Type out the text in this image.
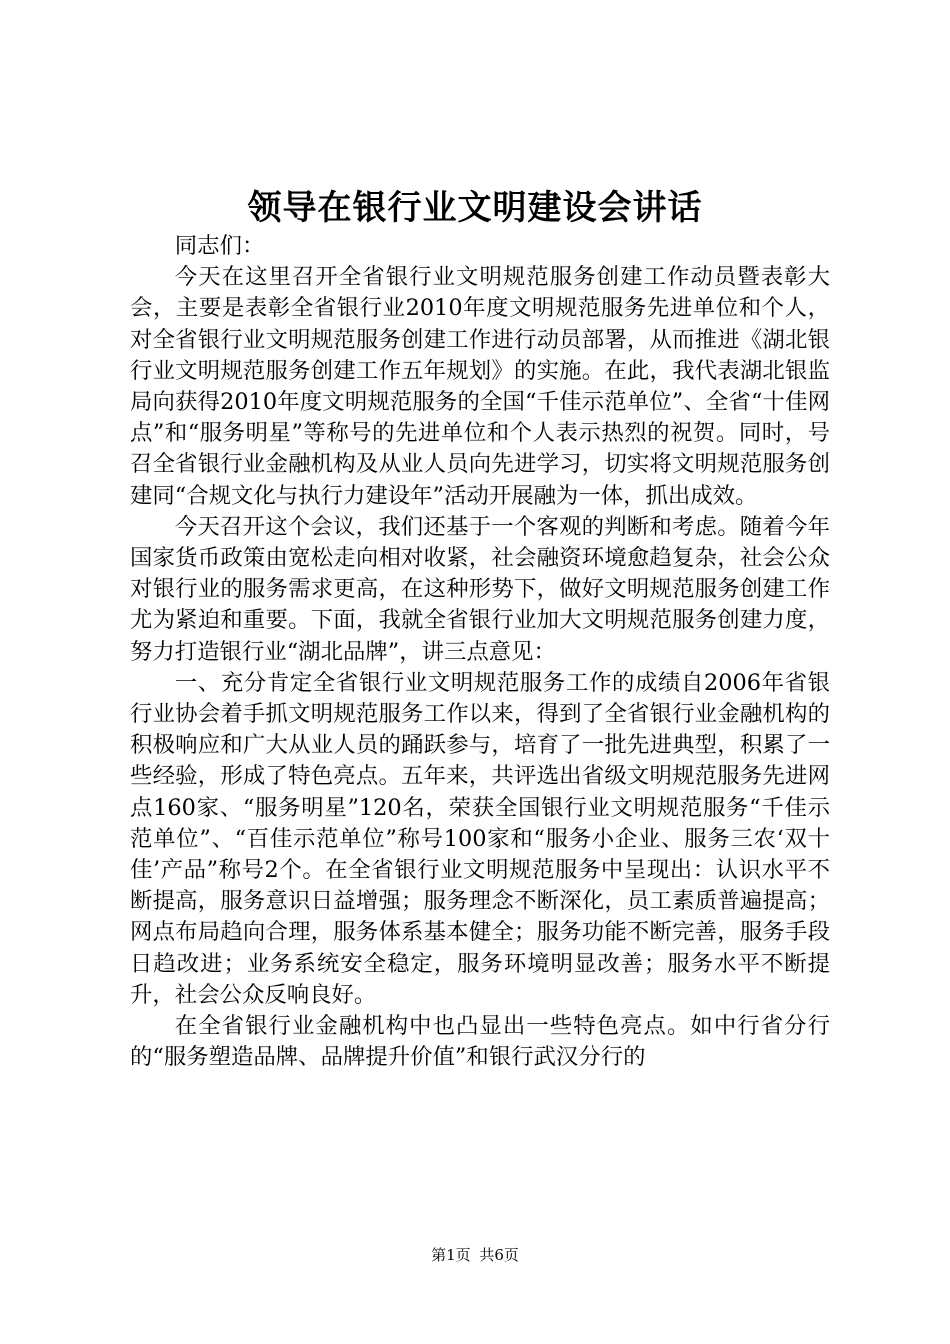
领导在银行业文明建设会讲话

同志们：

今天在这里召开全省银行业文明规范服务创建工作动员暨表彰大会，主要是表彰全省银行业2010年度文明规范服务先进单位和个人，对全省银行业文明规范服务创建工作进行动员部署，从而推进《湖北银行业文明规范服务创建工作五年规划》的实施。在此，我代表湖北银监局向获得2010年度文明规范服务的全国“千佳示范单位”、全省“十佳网点”和“服务明星”等称号的先进单位和个人表示热烈的祝贺。同时，号召全省银行业金融机构及从业人员向先进学习，切实将文明规范服务创建同“合规文化与执行力建设年”活动开展融为一体，抓出成效。

今天召开这个会议，我们还基于一个客观的判断和考虑。随着今年国家货币政策由宽松走向相对收紧，社会融资环境愈趋复杂，社会公众对银行业的服务需求更高，在这种形势下，做好文明规范服务创建工作尤为紧迫和重要。下面，我就全省银行业加大文明规范服务创建力度，努力打造银行业“湖北品牌”，讲三点意见：

一、充分肯定全省银行业文明规范服务工作的成绩自2006年省银行业协会着手抓文明规范服务工作以来，得到了全省银行业金融机构的积极响应和广大从业人员的踊跃参与，培育了一批先进典型，积累了一些经验，形成了特色亮点。五年来，共评选出省级文明规范服务先进网点160家、“服务明星”120名，荣获全国银行业文明规范服务“千佳示范单位”、“百佳示范单位”称号100家和“服务小企业、服务三农‘双十佳’产品”称号2个。在全省银行业文明规范服务中呈现出：认识水平不断提高，服务意识日益增强；服务理念不断深化，员工素质普遍提高；网点布局趋向合理，服务体系基本健全；服务功能不断完善，服务手段日趋改进；业务系统安全稳定，服务环境明显改善；服务水平不断提升，社会公众反响良好。

在全省银行业金融机构中也凸显出一些特色亮点。如中行省分行的“服务塑造品牌、品牌提升价值”和银行武汉分行的

第1页 共6页
